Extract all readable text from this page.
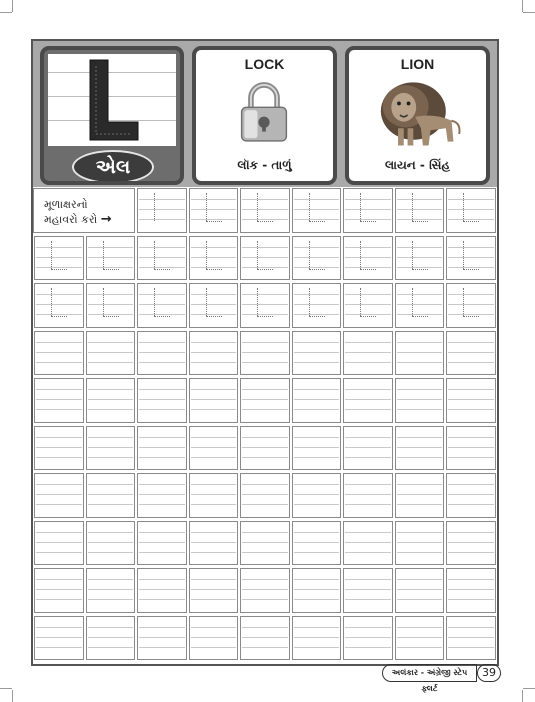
એલ
LOCK
લૉક - તાળું
LION
લાયન - સિંહ
મૂળાક્ષરનો
મહાવરો કરો →
અલંકાર - અંગ્રેજી સ્ટેપ ફ્લર્ટ
39
